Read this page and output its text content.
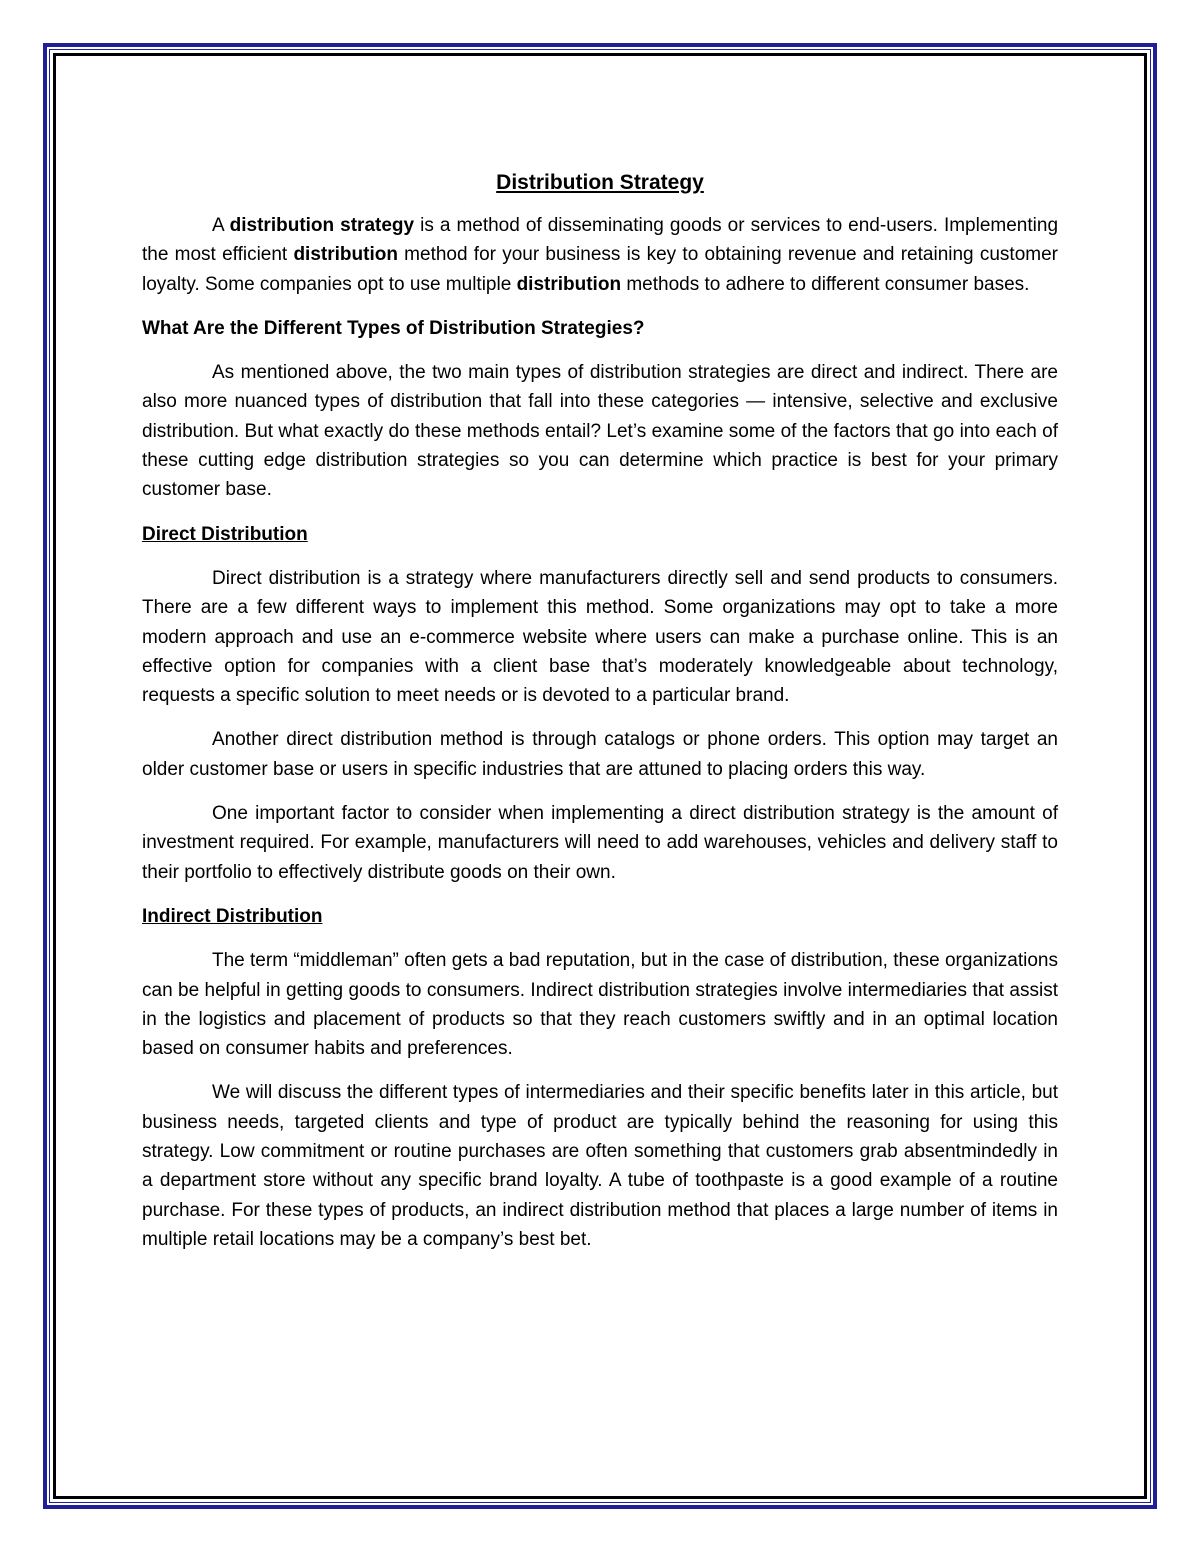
Distribution Strategy

A distribution strategy is a method of disseminating goods or services to end-users. Implementing the most efficient distribution method for your business is key to obtaining revenue and retaining customer loyalty. Some companies opt to use multiple distribution methods to adhere to different consumer bases.

What Are the Different Types of Distribution Strategies?

As mentioned above, the two main types of distribution strategies are direct and indirect. There are also more nuanced types of distribution that fall into these categories — intensive, selective and exclusive distribution. But what exactly do these methods entail? Let’s examine some of the factors that go into each of these cutting edge distribution strategies so you can determine which practice is best for your primary customer base.

Direct Distribution

Direct distribution is a strategy where manufacturers directly sell and send products to consumers. There are a few different ways to implement this method. Some organizations may opt to take a more modern approach and use an e-commerce website where users can make a purchase online. This is an effective option for companies with a client base that’s moderately knowledgeable about technology, requests a specific solution to meet needs or is devoted to a particular brand.

Another direct distribution method is through catalogs or phone orders. This option may target an older customer base or users in specific industries that are attuned to placing orders this way.

One important factor to consider when implementing a direct distribution strategy is the amount of investment required. For example, manufacturers will need to add warehouses, vehicles and delivery staff to their portfolio to effectively distribute goods on their own.

Indirect Distribution

The term “middleman” often gets a bad reputation, but in the case of distribution, these organizations can be helpful in getting goods to consumers. Indirect distribution strategies involve intermediaries that assist in the logistics and placement of products so that they reach customers swiftly and in an optimal location based on consumer habits and preferences.

We will discuss the different types of intermediaries and their specific benefits later in this article, but business needs, targeted clients and type of product are typically behind the reasoning for using this strategy. Low commitment or routine purchases are often something that customers grab absentmindedly in a department store without any specific brand loyalty. A tube of toothpaste is a good example of a routine purchase. For these types of products, an indirect distribution method that places a large number of items in multiple retail locations may be a company’s best bet.
